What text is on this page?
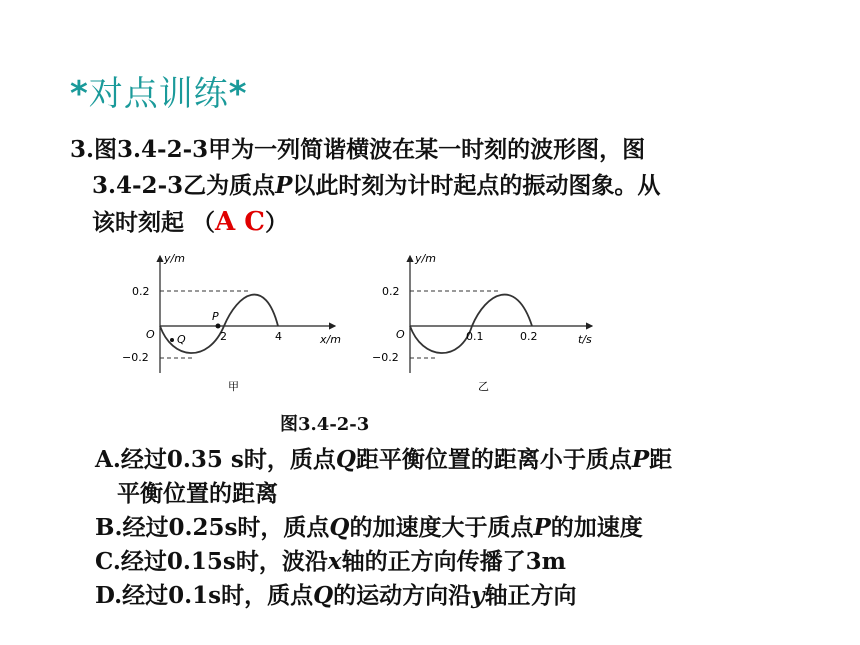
*对点训练*
3.图3.4-2-3甲为一列简谐横波在某一时刻的波形图，图
3.4-2-3乙为质点P以此时刻为计时起点的振动图象。从
该时刻起 （A C）
y/m
x/m
0.2
−0.2
O	2	4
P
Q
甲
y/m
t/s
0.2
−0.2
O	0.1	0.2
乙
图3.4-2-3
A.经过0.35 s时，质点Q距平衡位置的距离小于质点P距
平衡位置的距离
B.经过0.25s时，质点Q的加速度大于质点P的加速度
C.经过0.15s时，波沿x轴的正方向传播了3m
D.经过0.1s时，质点Q的运动方向沿y轴正方向
